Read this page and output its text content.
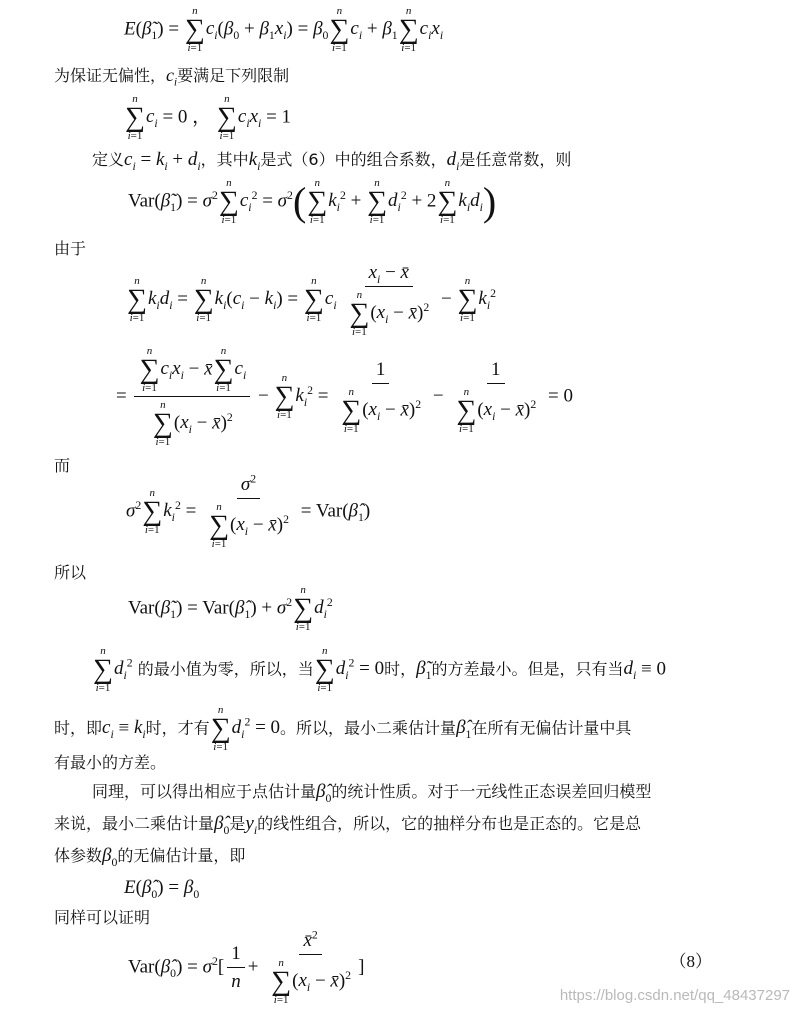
$E(\betã_1)$ =
n
∑
i=1
$c_i(\beta_0 + \beta_1x_i) = \beta_0$
n
∑
i=1
$c_i + \beta_1$
n
∑
i=1
$c_ix_i$
为保证无偏性，$c_i$要满足下列限制
n
∑
i=1
$c_i = 0$ ，
n
∑
i=1
$c_ix_i = 1$
定义$c_i = k_i + d_i$，其中$k_i$是式（6）中的组合系数，$d_i$是任意常数，则
$Var(\betã_1) = \sigma^2$
n
∑
i=1
$c_i^2 = \sigma^2$( n
∑
i=1
$k_i^2$ +
n
∑
i=1
$d_i^2 + 2$
n
∑
i=1
$k_id_i$)
由于
n
∑
i=1
$k_id_i$ =
n
∑
i=1
$k_i(c_i - k_i)$ =
n
∑
i=1
$c_i$ $x_i$ − x̄
n
∑
i=1
($x_i$ − x̄)$^2$ −
n
∑
i=1
$k_i^2$
= n
∑
i=1
$c_ix_i$ − x̄
n
∑
i=1
$c_i$
n
∑
i=1
($x_i$ − x̄)$^2$ −
n
∑
i=1
$k_i^2 = 1$
n
∑
i=1
($x_i$ − x̄)$^2$ − 1
n
∑
i=1
($x_i$ − x̄)$^2$ = 0
而
$\sigma^2$
n
∑
i=1
$k_i^2 = \sigma^2$
n
∑
i=1
($x_i$ − x̄)$^2$ = $Var(\betâ_1)$
所以
$Var(\betã_1)$ = $Var(\betâ_1) + \sigma^2$
n
∑
i=1
$d_i^2$
n
∑
i=1
$d_i^2$ 的最小值为零，所以，当
n
∑
i=1
$d_i^2 = 0$时，$\betã_1$的方差最小。但是，只有当$d_i \equiv 0$
时，即$c_i \equiv k_i$时，才有
n
∑
i=1
$d_i^2 = 0$。所以，最小二乘估计量$\betâ_1$在所有无偏估计量中具
有最小的方差。
同理，可以得出相应于点估计量$\betâ_0$的统计性质。对于一元线性正态误差回归模型
来说，最小二乘估计量$\betâ_0$是$y_i$的线性组合，所以，它的抽样分布也是正态的。它是总
体参数$\beta_0$的无偏估计量，即
$E(\betâ_0) = \beta_0$
同样可以证明
$Var(\betâ_0) = \sigma^2[ \frac{1}{n}$ + x̄$^2$
n
∑
i=1
($x_i$ − x̄)$^2$ ]	（8）
https://blog.csdn.net/qq_48437297
